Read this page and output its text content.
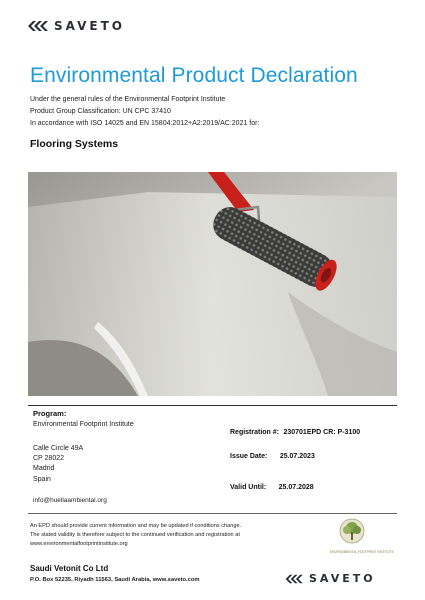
SAVETO
Environmental Product Declaration
Under the general rules of the Environmental Footprint Institute
Product Group Classification: UN CPC 37410
In accordance with ISO 14025 and EN 15804:2012+A2:2019/AC:2021 for:
Flooring Systems
Program:
Environmental Footprint Institute
Registration #: 230701EPD CR: P-3100
Calle Circle 49A
CP 28022
Madrid
Spain
Issue Date: 25.07.2023
Valid Until: 25.07.2028
info@huellaambiental.org
An EPD should provide current information and may be updated if conditions change.
The stated validity is therefore subject to the continued verification and registration at
www.environmentalfootprintinstitute.org
ENVIRONMENTAL FOOTPRINT INSTITUTE
Saudi Vetonit Co Ltd
P.O. Box 52235, Riyadh 11563, Saudi Arabia, www.saveto.com	SAVETO
